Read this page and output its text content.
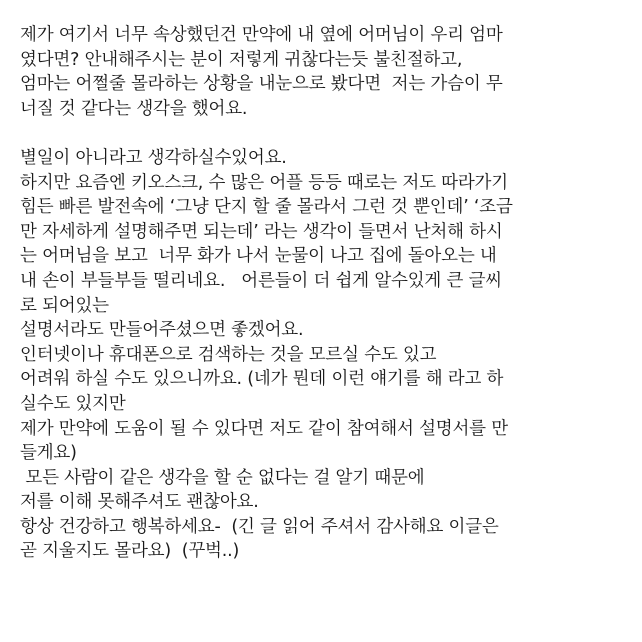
제가 여기서 너무 속상했던건 만약에 내 옆에 어머님이 우리 엄마
였다면? 안내해주시는 분이 저렇게 귀찮다는듯 불친절하고,
엄마는 어쩔줄 몰라하는 상황을 내눈으로 봤다면  저는 가슴이 무
너질 것 같다는 생각을 했어요.
별일이 아니라고 생각하실수있어요.
하지만 요즘엔 키오스크, 수 많은 어플 등등 때로는 저도 따라가기
힘든 빠른 발전속에 ‘그냥 단지 할 줄 몰라서 그런 것 뿐인데’ ‘조금
만 자세하게 설명해주면 되는데’ 라는 생각이 들면서 난처해 하시
는 어머님을 보고  너무 화가 나서 눈물이 나고 집에 돌아오는 내
내 손이 부들부들 떨리네요.   어른들이 더 쉽게 알수있게 큰 글씨
로 되어있는
설명서라도 만들어주셨으면 좋겠어요.
인터넷이나 휴대폰으로 검색하는 것을 모르실 수도 있고
어려워 하실 수도 있으니까요. (네가 뭔데 이런 얘기를 해 라고 하
실수도 있지만
제가 만약에 도움이 될 수 있다면 저도 같이 참여해서 설명서를 만
들게요)
모든 사람이 같은 생각을 할 순 없다는 걸 알기 때문에
저를 이해 못해주셔도 괜찮아요.
항상 건강하고 행복하세요-  (긴 글 읽어 주셔서 감사해요 이글은
곧 지울지도 몰라요)  (꾸벅..)
